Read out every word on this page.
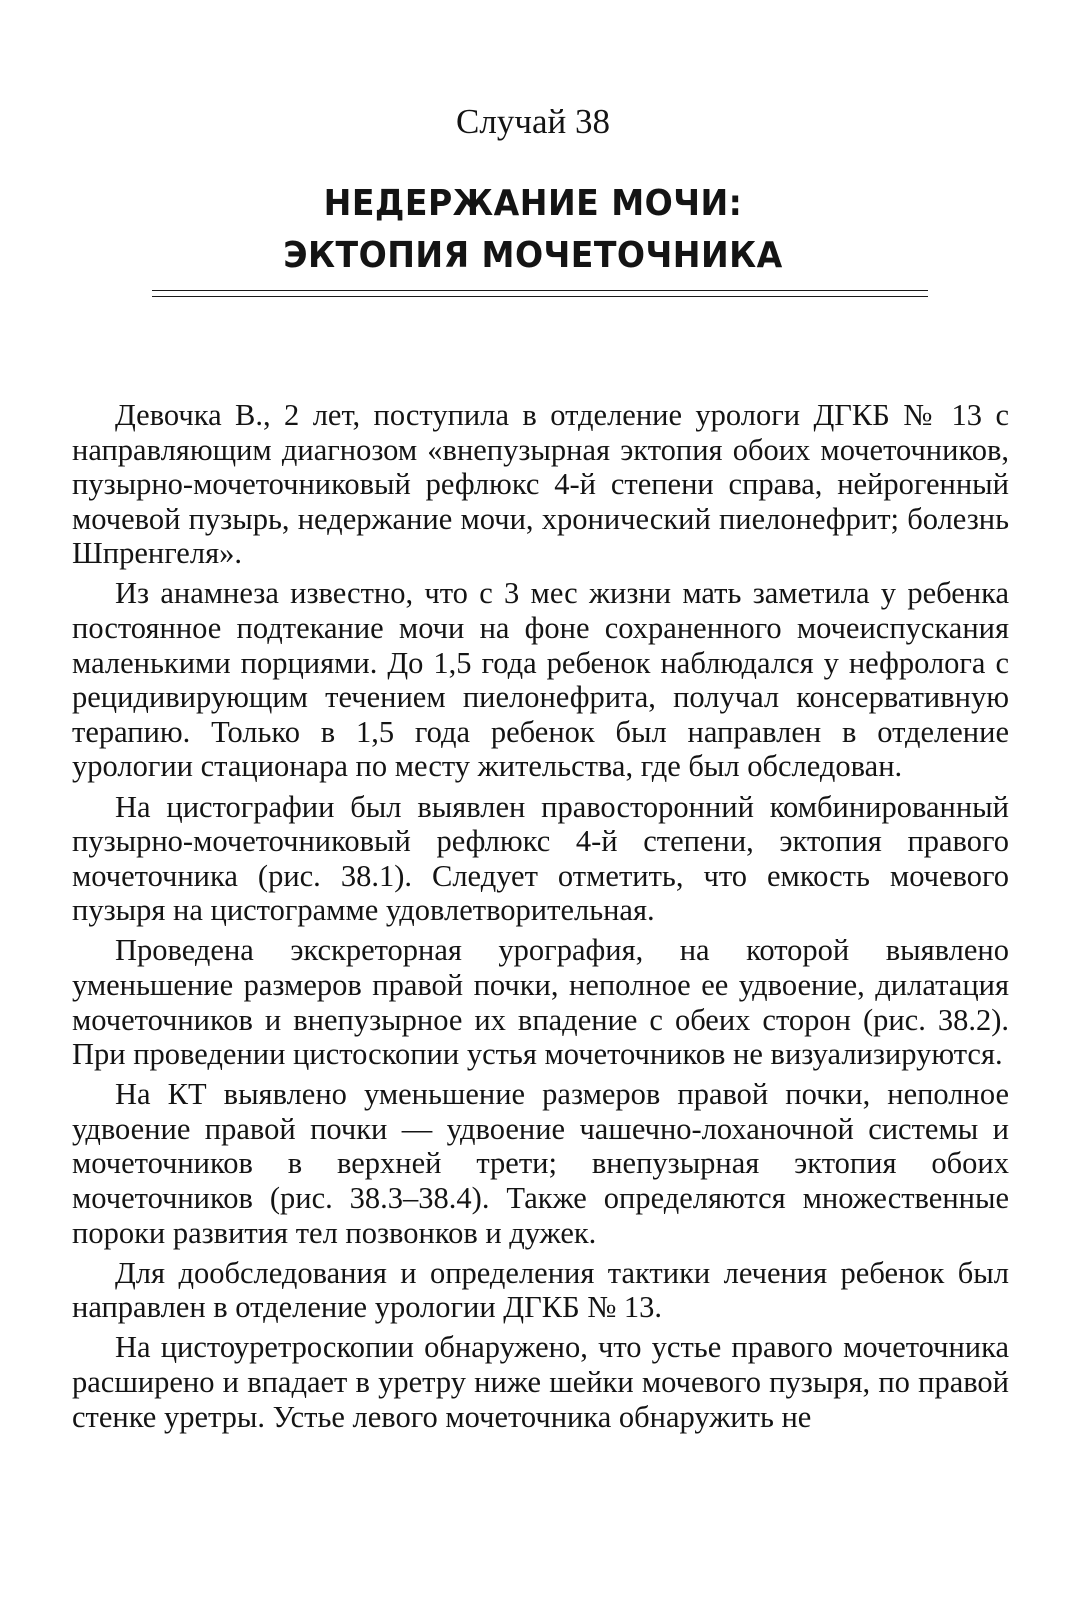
Случай 38
НЕДЕРЖАНИЕ МОЧИ:
ЭКТОПИЯ МОЧЕТОЧНИКА

Девочка В., 2 лет, поступила в отделение урологи ДГКБ № 13 с направляющим диагнозом «внепузырная эктопия обоих мочеточников, пузырно-мочеточниковый рефлюкс 4-й степени справа, нейрогенный мочевой пузырь, недержание мочи, хронический пиелонефрит; болезнь Шпренгеля».

Из анамнеза известно, что с 3 мес жизни мать заметила у ребенка постоянное подтекание мочи на фоне сохраненного мочеиспускания маленькими порциями. До 1,5 года ребенок наблюдался у нефролога с рецидивирующим течением пиелонефрита, получал консервативную терапию. Только в 1,5 года ребенок был направлен в отделение урологии стационара по месту жительства, где был обследован.

На цистографии был выявлен правосторонний комбинированный пузырно-мочеточниковый рефлюкс 4-й степени, эктопия правого мочеточника (рис. 38.1). Следует отметить, что емкость мочевого пузыря на цистограмме удовлетворительная.

Проведена экскреторная урография, на которой выявлено уменьшение размеров правой почки, неполное ее удвоение, дилатация мочеточников и внепузырное их впадение с обеих сторон (рис. 38.2). При проведении цистоскопии устья мочеточников не визуализируются.

На КТ выявлено уменьшение размеров правой почки, неполное удвоение правой почки — удвоение чашечно-лоханочной системы и мочеточников в верхней трети; внепузырная эктопия обоих мочеточников (рис. 38.3–38.4). Также определяются множественные пороки развития тел позвонков и дужек.

Для дообследования и определения тактики лечения ребенок был направлен в отделение урологии ДГКБ № 13.

На цистоуретроскопии обнаружено, что устье правого мочеточника расширено и впадает в уретру ниже шейки мочевого пузыря, по правой стенке уретры. Устье левого мочеточника обнаружить не
